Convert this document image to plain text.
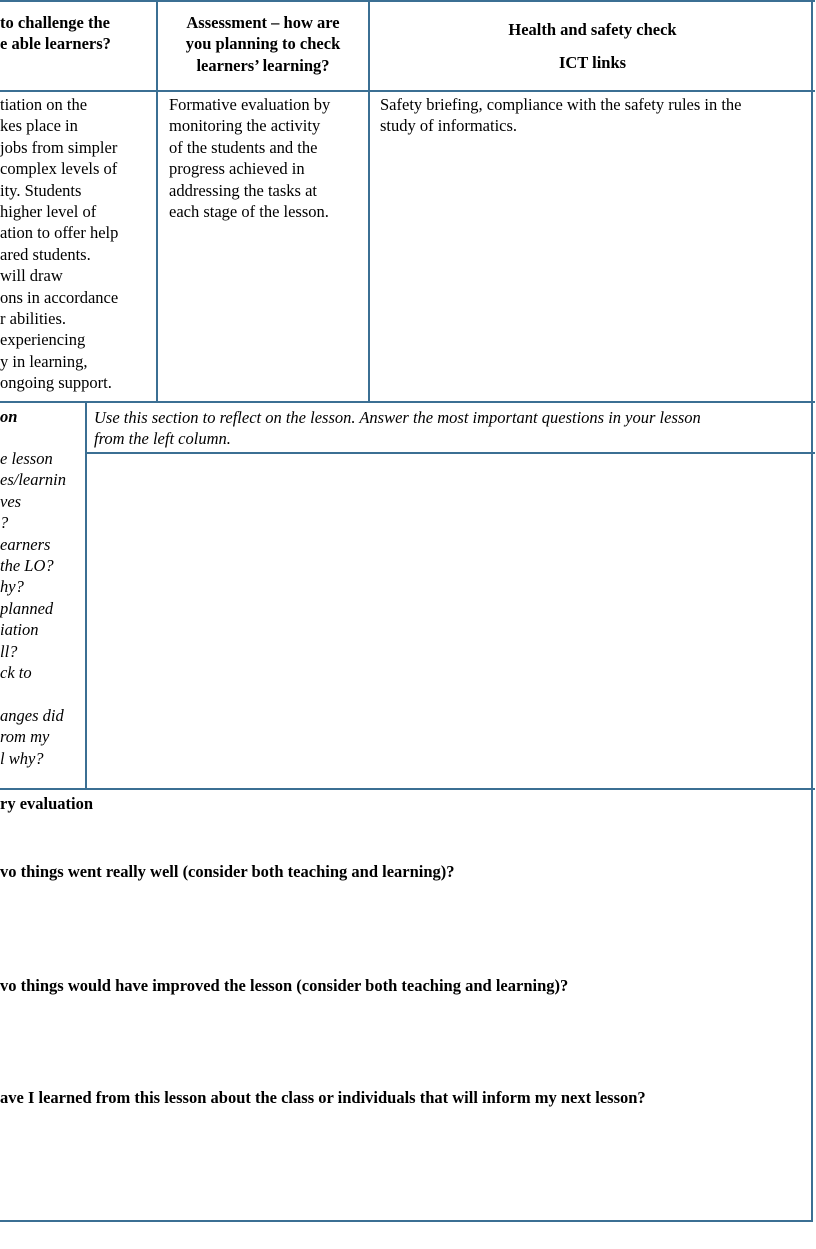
to challenge the
e able learners?
Assessment – how are
you planning to check
learners’ learning?
Health and safety check
ICT links
tiation on the
kes place in
jobs from simpler
complex levels of
ity. Students
higher level of
ation to offer help
ared students.
will draw
ons in accordance
r abilities.
experiencing
y in learning,
ongoing support.
Formative evaluation by
monitoring the activity
of the students and the
progress achieved in
addressing the tasks at
each stage of the lesson.
Safety briefing, compliance with the safety rules in the
study of informatics.
on
e lesson
es/learnin
ves
?
earners
the LO?
hy?
planned
iation
ll?
ck to

anges did
rom my
l why?
Use this section to reflect on the lesson. Answer the most important questions in your lesson
from the left column.
ry evaluation
vo things went really well (consider both teaching and learning)?
vo things would have improved the lesson (consider both teaching and learning)?
ave I learned from this lesson about the class or individuals that will inform my next lesson?
